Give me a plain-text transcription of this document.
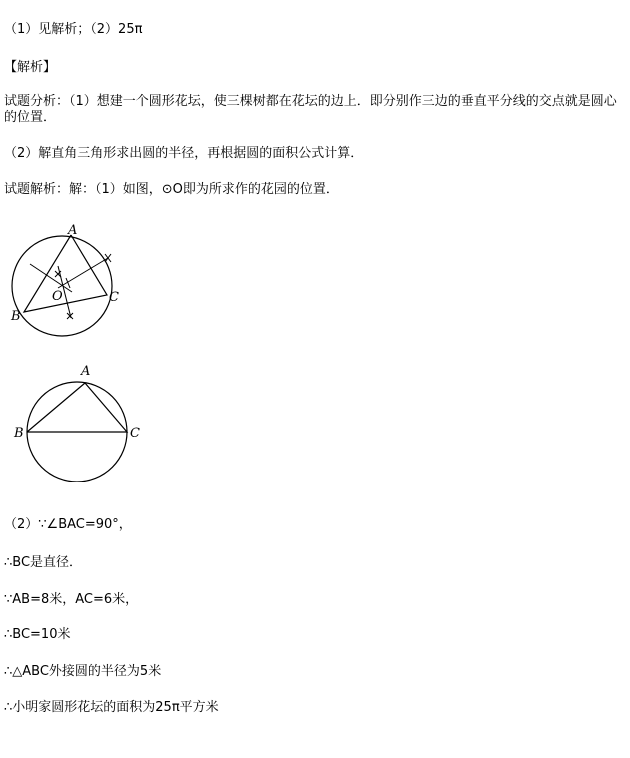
（1）见解析；（2）25π
【解析】
试题分析：（1）想建一个圆形花坛，使三棵树都在花坛的边上．即分别作三边的垂直平分线的交点就是圆心的位置．
（2）解直角三角形求出圆的半径，再根据圆的面积公式计算．
试题解析：解：（1）如图，⊙O即为所求作的花园的位置．
A
B
C
O
A
B	C
（2）∵∠BAC=90°，
∴BC是直径．
∵AB=8米，AC=6米，
∴BC=10米
∴△ABC外接圆的半径为5米
∴小明家圆形花坛的面积为25π平方米
